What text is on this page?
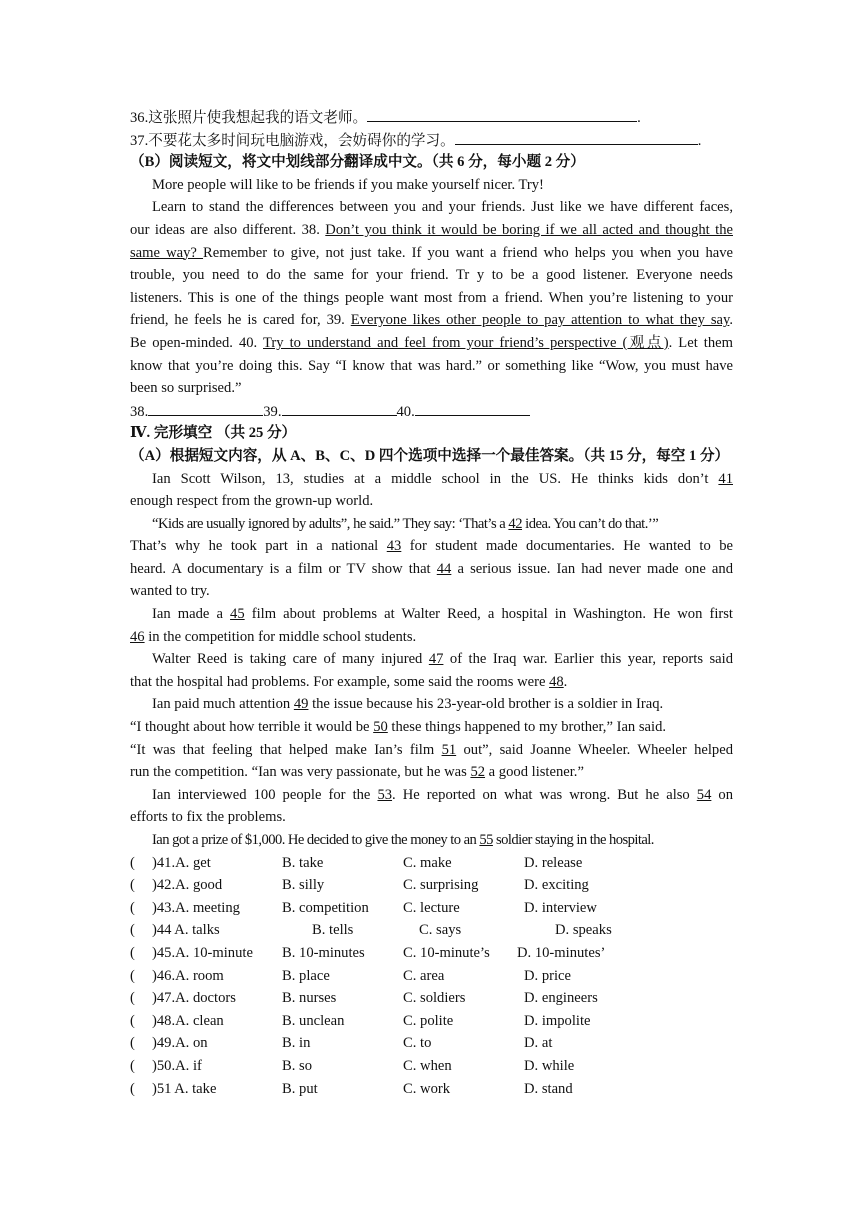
36.这张照片使我想起我的语文老师。	.
37.不要花太多时间玩电脑游戏，会妨碍你的学习。	.
（B）阅读短文，将文中划线部分翻译成中文。（共 6 分，每小题 2 分）
More people will like to be friends if you make yourself nicer. Try!
Learn to stand the differences between you and your friends. Just like we have different faces,
our ideas are also different. 38. Don’t you think it would be boring if we all acted and thought the
same way? Remember to give, not just take. If you want a friend who helps you when you have
trouble, you need to do the same for your friend. Tr y to be a good listener. Everyone needs
listeners. This is one of the things people want most from a friend. When you’re listening to your
friend, he feels he is cared for, 39. Everyone likes other people to pay attention to what they say.
Be open-minded. 40. Try to understand and feel from your friend’s perspective (观点). Let them
know that you’re doing this. Say “I know that was hard.” or something like “Wow, you must have
been so surprised.”
38.	39.	40.
Ⅳ. 完形填空 （共 25 分）
（A）根据短文内容，从 A、B、C、D 四个选项中选择一个最佳答案。（共 15 分，每空 1 分）
Ian Scott Wilson, 13, studies at a middle school in the US. He thinks kids don’t 41
enough respect from the grown-up world.
“Kids are usually ignored by adults”, he said.” They say: ‘That’s a 42 idea. You can’t do that.’”
That’s why he took part in a national 43 for student made documentaries. He wanted to be
heard. A documentary is a film or TV show that 44 a serious issue. Ian had never made one and
wanted to try.
Ian made a 45 film about problems at Walter Reed, a hospital in Washington. He won first
46 in the competition for middle school students.
Walter Reed is taking care of many injured 47 of the Iraq war. Earlier this year, reports said
that the hospital had problems. For example, some said the rooms were 48.
Ian paid much attention 49 the issue because his 23-year-old brother is a soldier in Iraq.
“I thought about how terrible it would be 50 these things happened to my brother,” Ian said.
“It was that feeling that helped make Ian’s film 51 out”, said Joanne Wheeler. Wheeler helped
run the competition. “Ian was very passionate, but he was 52 a good listener.”
Ian interviewed 100 people for the 53. He reported on what was wrong. But he also 54 on
efforts to fix the problems.
Ian got a prize of $1,000. He decided to give the money to an 55 soldier staying in the hospital.
( )41.A. get	B. take	C. make	D. release
( )42.A. good	B. silly	C. surprising	D. exciting
( )43.A. meeting	B. competition C. lecture	D. interview
( )44 A. talks	B. tells	C. says	D. speaks
( )45.A. 10-minute B. 10-minutes	C. 10-minute’s D. 10-minutes’
( )46.A. room	B. place	C. area	D. price
( )47.A. doctors	B. nurses	C. soldiers	D. engineers
( )48.A. clean	B. unclean	C. polite	D. impolite
( )49.A. on	B. in	C. to	D. at
( )50.A. if	B. so	C. when	D. while
( )51 A. take	B. put	C. work	D. stand
